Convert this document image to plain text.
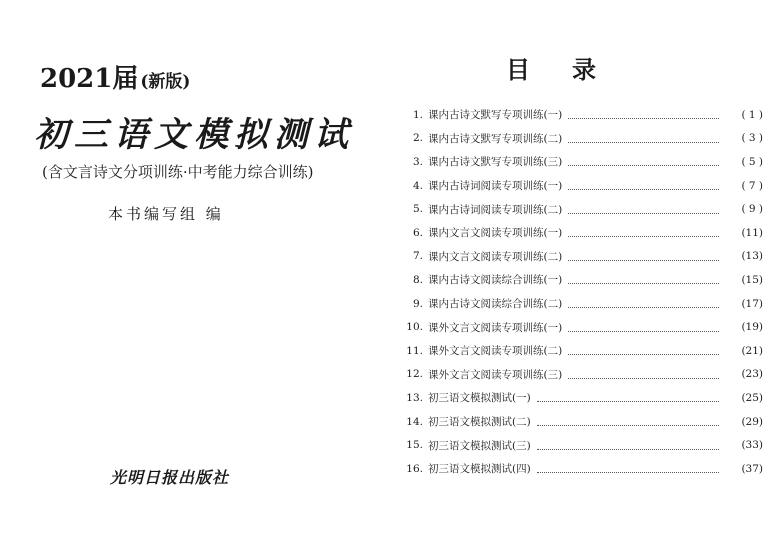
2021届 (新版)
初三语文模拟测试
(含文言诗文分项训练·中考能力综合训练)
本书编写组 编
光明日报出版社
目录
1. 课内古诗文默写专项训练(一)	( 1 )
2. 课内古诗文默写专项训练(二)	( 3 )
3. 课内古诗文默写专项训练(三)	( 5 )
4. 课内古诗词阅读专项训练(一)	( 7 )
5. 课内古诗词阅读专项训练(二)	( 9 )
6. 课内文言文阅读专项训练(一)	(11)
7. 课内文言文阅读专项训练(二)	(13)
8. 课内古诗文阅读综合训练(一)	(15)
9. 课内古诗文阅读综合训练(二)	(17)
10. 课外文言文阅读专项训练(一)	(19)
11. 课外文言文阅读专项训练(二)	(21)
12. 课外文言文阅读专项训练(三)	(23)
13. 初三语文模拟测试(一)	(25)
14. 初三语文模拟测试(二)	(29)
15. 初三语文模拟测试(三)	(33)
16. 初三语文模拟测试(四)	(37)
